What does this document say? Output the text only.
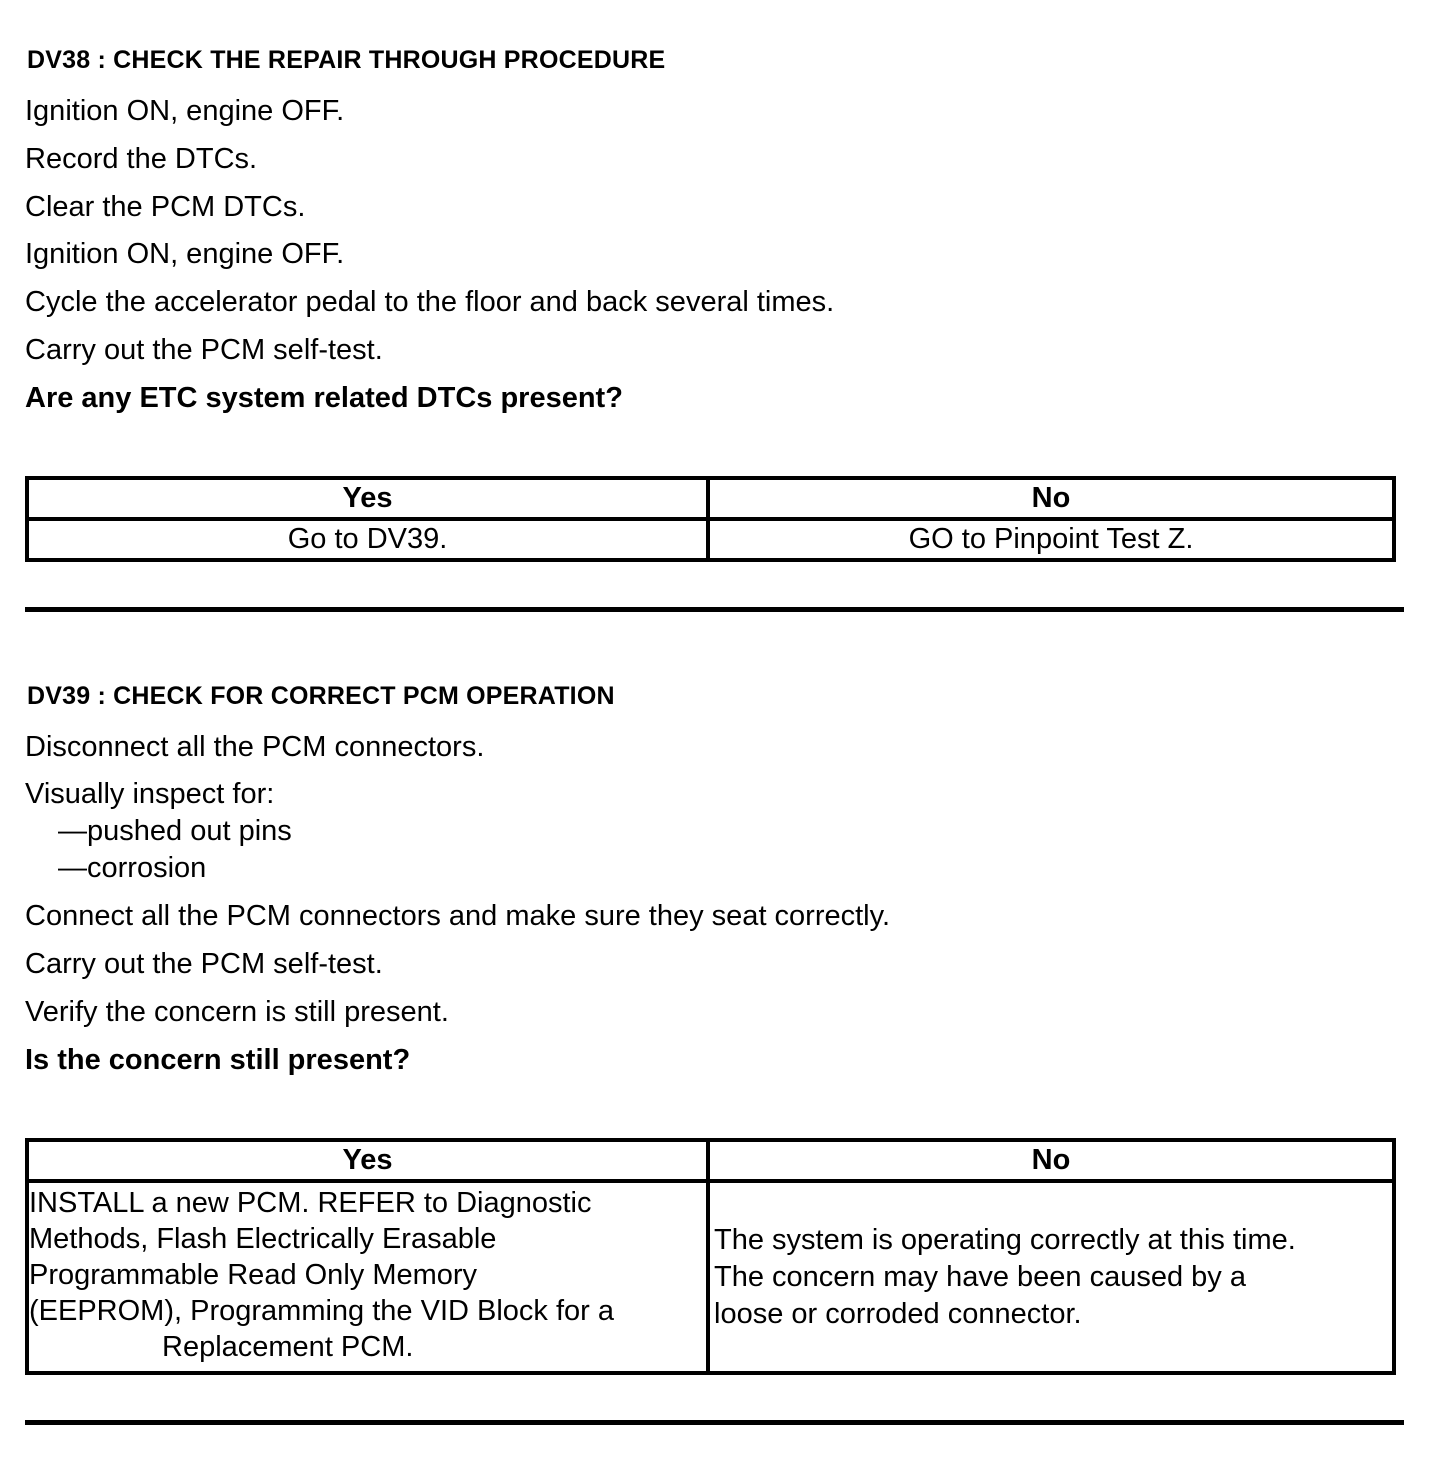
DV38 : CHECK THE REPAIR THROUGH PROCEDURE

Ignition ON, engine OFF.

Record the DTCs.

Clear the PCM DTCs.

Ignition ON, engine OFF.

Cycle the accelerator pedal to the floor and back several times.

Carry out the PCM self-test.

Are any ETC system related DTCs present?

Yes	No
Go to DV39.	GO to Pinpoint Test Z.
DV39 : CHECK FOR CORRECT PCM OPERATION

Disconnect all the PCM connectors.

Visually inspect for:

—pushed out pins

—corrosion

Connect all the PCM connectors and make sure they seat correctly.

Carry out the PCM self-test.

Verify the concern is still present.

Is the concern still present?

Yes	No

INSTALL a new PCM. REFER to Diagnostic
Methods, Flash Electrically Erasable
Programmable Read Only Memory
(EEPROM), Programming the VID Block for a
Replacement PCM.	The system is operating correctly at this time.
The concern may have been caused by a
loose or corroded connector.
